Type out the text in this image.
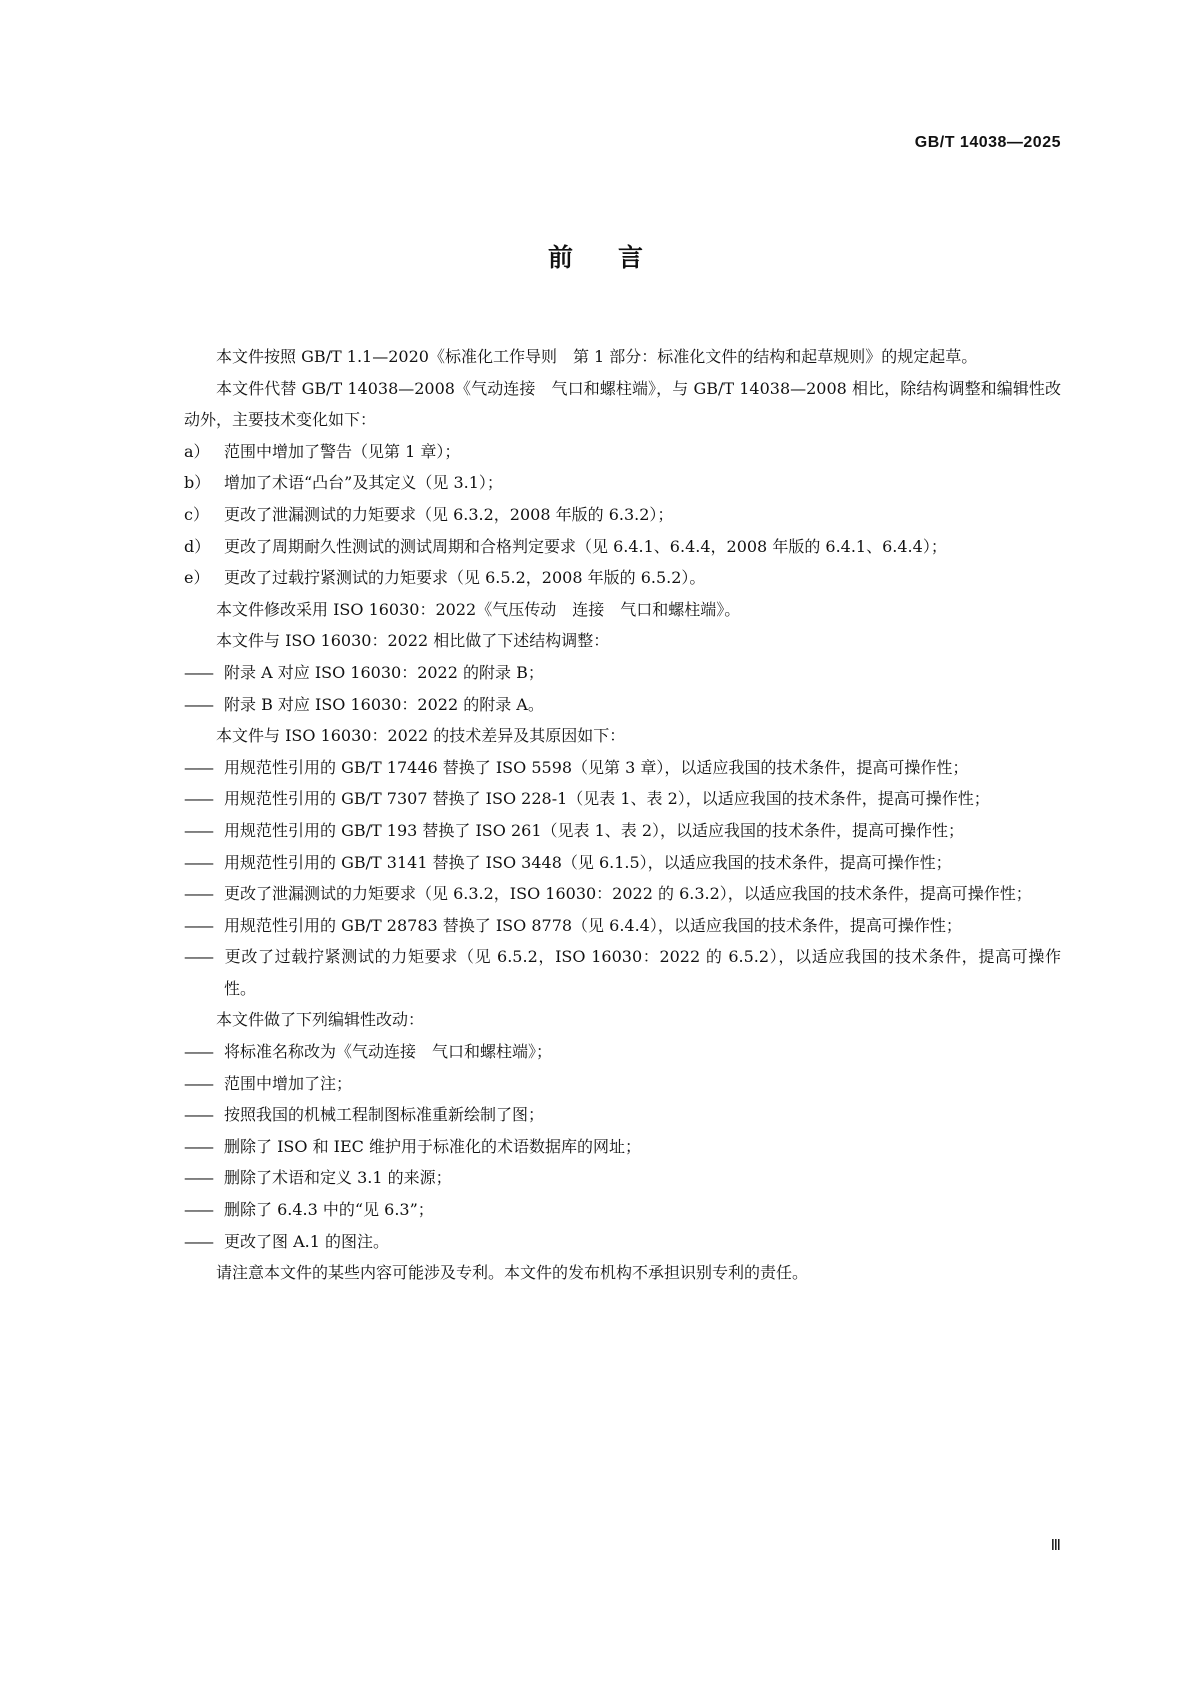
GB/T 14038—2025
前 言

本文件按照 GB/T 1.1—2020《标准化工作导则　第 1 部分：标准化文件的结构和起草规则》的规定起草。

本文件代替 GB/T 14038—2008《气动连接　气口和螺柱端》，与 GB/T 14038—2008 相比，除结构调整和编辑性改动外，主要技术变化如下：

a） 范围中增加了警告（见第 1 章）；

b） 增加了术语“凸台”及其定义（见 3.1）；

c） 更改了泄漏测试的力矩要求（见 6.3.2，2008 年版的 6.3.2）；

d） 更改了周期耐久性测试的测试周期和合格判定要求（见 6.4.1、6.4.4，2008 年版的 6.4.1、6.4.4）；

e） 更改了过载拧紧测试的力矩要求（见 6.5.2，2008 年版的 6.5.2）。

本文件修改采用 ISO 16030：2022《气压传动　连接　气口和螺柱端》。

本文件与 ISO 16030：2022 相比做了下述结构调整：

—— 附录 A 对应 ISO 16030：2022 的附录 B；

—— 附录 B 对应 ISO 16030：2022 的附录 A。

本文件与 ISO 16030：2022 的技术差异及其原因如下：

—— 用规范性引用的 GB/T 17446 替换了 ISO 5598（见第 3 章），以适应我国的技术条件，提高可操作性；

—— 用规范性引用的 GB/T 7307 替换了 ISO 228-1（见表 1、表 2），以适应我国的技术条件，提高可操作性；

—— 用规范性引用的 GB/T 193 替换了 ISO 261（见表 1、表 2），以适应我国的技术条件，提高可操作性；

—— 用规范性引用的 GB/T 3141 替换了 ISO 3448（见 6.1.5），以适应我国的技术条件，提高可操作性；

—— 更改了泄漏测试的力矩要求（见 6.3.2，ISO 16030：2022 的 6.3.2），以适应我国的技术条件，提高可操作性；

—— 用规范性引用的 GB/T 28783 替换了 ISO 8778（见 6.4.4），以适应我国的技术条件，提高可操作性；

—— 更改了过载拧紧测试的力矩要求（见 6.5.2，ISO 16030：2022 的 6.5.2），以适应我国的技术条件，提高可操作性。

本文件做了下列编辑性改动：

—— 将标准名称改为《气动连接　气口和螺柱端》；

—— 范围中增加了注；

—— 按照我国的机械工程制图标准重新绘制了图；

—— 删除了 ISO 和 IEC 维护用于标准化的术语数据库的网址；

—— 删除了术语和定义 3.1 的来源；

—— 删除了 6.4.3 中的“见 6.3”；

—— 更改了图 A.1 的图注。

请注意本文件的某些内容可能涉及专利。本文件的发布机构不承担识别专利的责任。

Ⅲ
